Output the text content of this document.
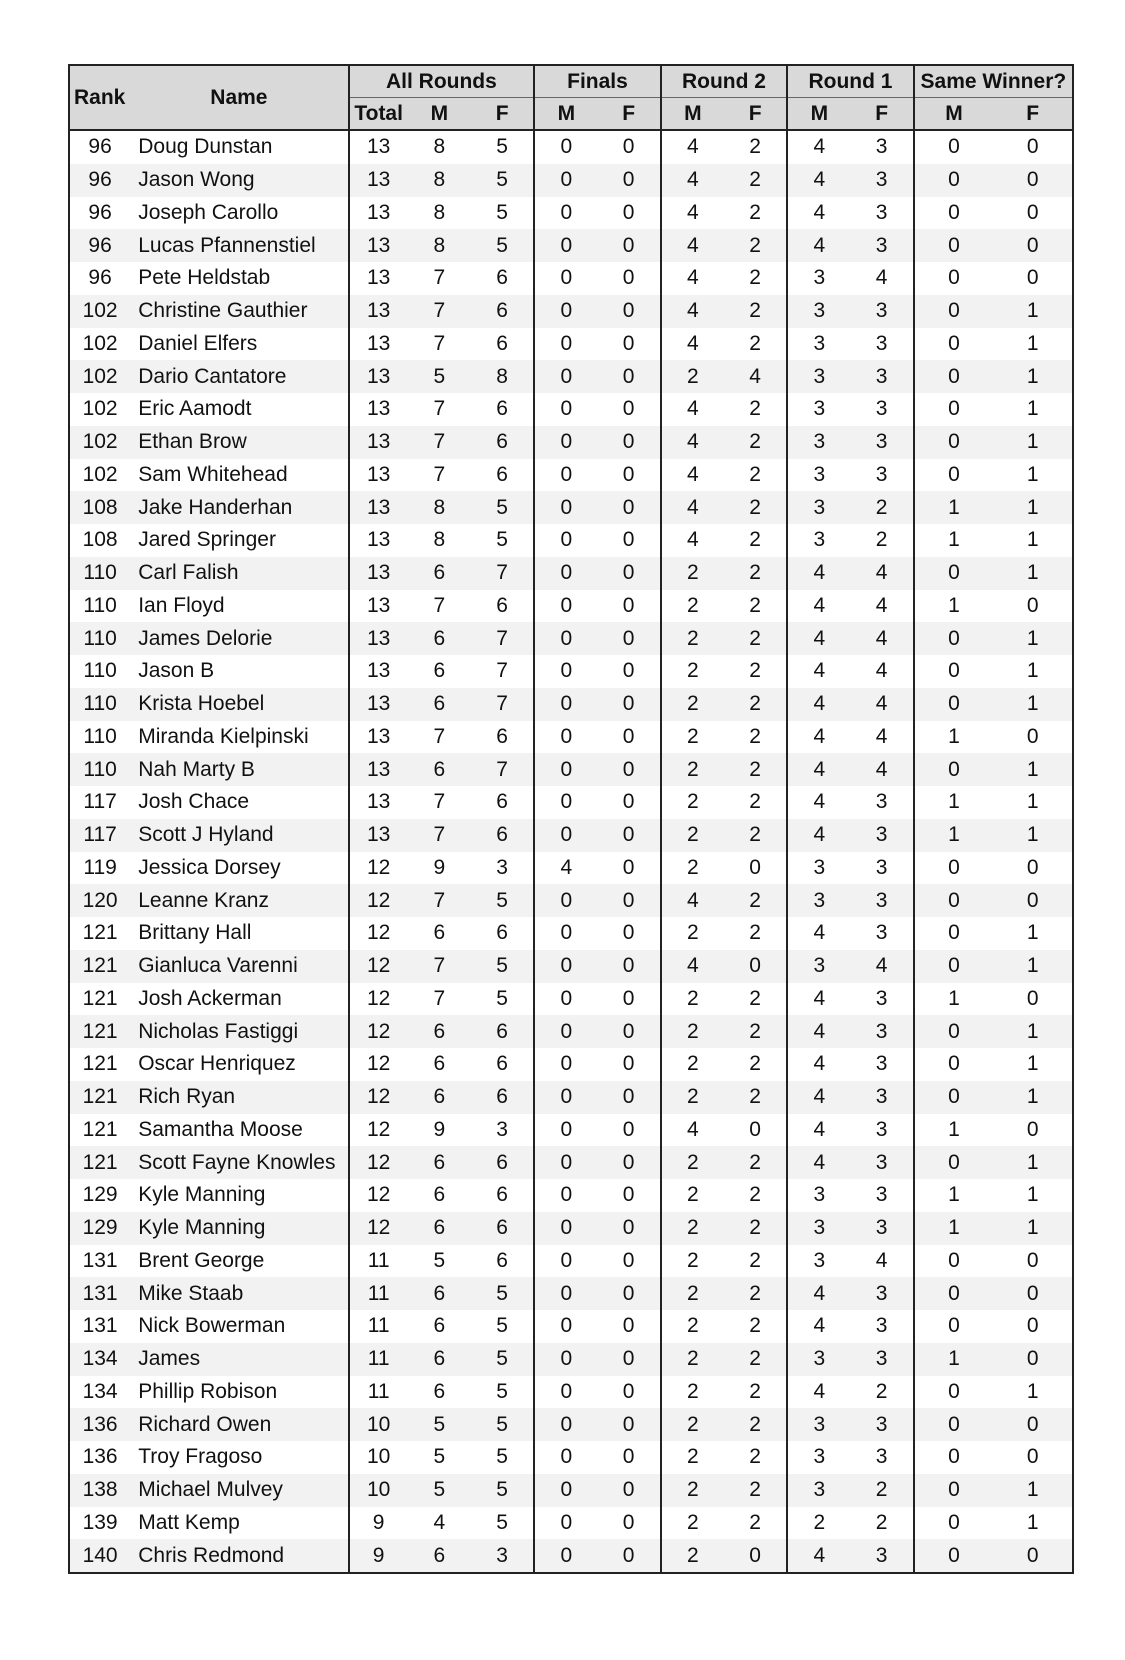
Rank	Name	All Rounds			Finals		Round 2		Round 1		Same Winner?	
		Total	M	F	M	F	M	F	M	F	M	F
96	Doug Dunstan	13	8	5	0	0	4	2	4	3	0	0
96	Jason Wong	13	8	5	0	0	4	2	4	3	0	0
96	Joseph Carollo	13	8	5	0	0	4	2	4	3	0	0
96	Lucas Pfannenstiel	13	8	5	0	0	4	2	4	3	0	0
96	Pete Heldstab	13	7	6	0	0	4	2	3	4	0	0
102	Christine Gauthier	13	7	6	0	0	4	2	3	3	0	1
102	Daniel Elfers	13	7	6	0	0	4	2	3	3	0	1
102	Dario Cantatore	13	5	8	0	0	2	4	3	3	0	1
102	Eric Aamodt	13	7	6	0	0	4	2	3	3	0	1
102	Ethan Brow	13	7	6	0	0	4	2	3	3	0	1
102	Sam Whitehead	13	7	6	0	0	4	2	3	3	0	1
108	Jake Handerhan	13	8	5	0	0	4	2	3	2	1	1
108	Jared Springer	13	8	5	0	0	4	2	3	2	1	1
110	Carl Falish	13	6	7	0	0	2	2	4	4	0	1
110	Ian Floyd	13	7	6	0	0	2	2	4	4	1	0
110	James Delorie	13	6	7	0	0	2	2	4	4	0	1
110	Jason B	13	6	7	0	0	2	2	4	4	0	1
110	Krista Hoebel	13	6	7	0	0	2	2	4	4	0	1
110	Miranda Kielpinski	13	7	6	0	0	2	2	4	4	1	0
110	Nah Marty B	13	6	7	0	0	2	2	4	4	0	1
117	Josh Chace	13	7	6	0	0	2	2	4	3	1	1
117	Scott J Hyland	13	7	6	0	0	2	2	4	3	1	1
119	Jessica Dorsey	12	9	3	4	0	2	0	3	3	0	0
120	Leanne Kranz	12	7	5	0	0	4	2	3	3	0	0
121	Brittany Hall	12	6	6	0	0	2	2	4	3	0	1
121	Gianluca Varenni	12	7	5	0	0	4	0	3	4	0	1
121	Josh Ackerman	12	7	5	0	0	2	2	4	3	1	0
121	Nicholas Fastiggi	12	6	6	0	0	2	2	4	3	0	1
121	Oscar Henriquez	12	6	6	0	0	2	2	4	3	0	1
121	Rich Ryan	12	6	6	0	0	2	2	4	3	0	1
121	Samantha Moose	12	9	3	0	0	4	0	4	3	1	0
121	Scott Fayne Knowles	12	6	6	0	0	2	2	4	3	0	1
129	Kyle Manning	12	6	6	0	0	2	2	3	3	1	1
129	Kyle Manning	12	6	6	0	0	2	2	3	3	1	1
131	Brent George	11	5	6	0	0	2	2	3	4	0	0
131	Mike Staab	11	6	5	0	0	2	2	4	3	0	0
131	Nick Bowerman	11	6	5	0	0	2	2	4	3	0	0
134	James	11	6	5	0	0	2	2	3	3	1	0
134	Phillip Robison	11	6	5	0	0	2	2	4	2	0	1
136	Richard Owen	10	5	5	0	0	2	2	3	3	0	0
136	Troy Fragoso	10	5	5	0	0	2	2	3	3	0	0
138	Michael Mulvey	10	5	5	0	0	2	2	3	2	0	1
139	Matt Kemp	9	4	5	0	0	2	2	2	2	0	1
140	Chris Redmond	9	6	3	0	0	2	0	4	3	0	0
